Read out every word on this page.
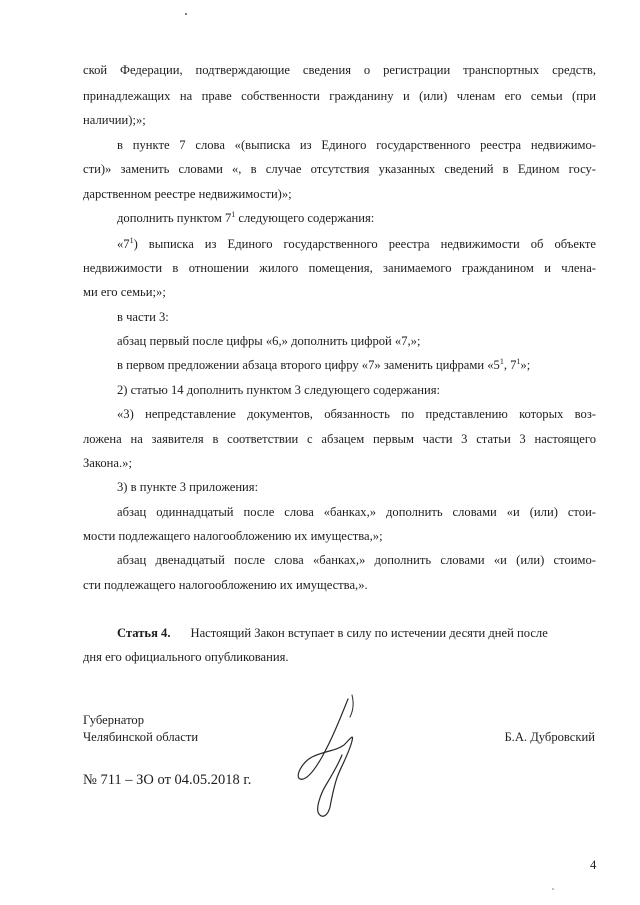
ской Федерации, подтверждающие сведения о регистрации транспортных средств,
принадлежащих на праве собственности гражданину и (или) членам его семьи (при
наличии);»;
в пункте 7 слова «(выписка из Единого государственного реестра недвижимо-
сти)» заменить словами «, в случае отсутствия указанных сведений в Едином госу-
дарственном реестре недвижимости)»;
дополнить пунктом $7^1$ следующего содержания:
«$7^1$) выписка из Единого государственного реестра недвижимости об объекте
недвижимости в отношении жилого помещения, занимаемого гражданином и члена-
ми его семьи;»;
в части 3:
абзац первый после цифры «6,» дополнить цифрой «7,»;
в первом предложении абзаца второго цифру «7» заменить цифрами «$5^1$, $7^1$»;
2) статью 14 дополнить пунктом 3 следующего содержания:
«3) непредставление документов, обязанность по представлению которых воз-
ложена на заявителя в соответствии с абзацем первым части 3 статьи 3 настоящего
Закона.»;
3) в пункте 3 приложения:
абзац одиннадцатый после слова «банках,» дополнить словами «и (или) стои-
мости подлежащего налогообложению их имущества,»;
абзац двенадцатый после слова «банках,» дополнить словами «и (или) стоимо-
сти подлежащего налогообложению их имущества,».
Статья 4. Настоящий Закон вступает в силу по истечении десяти дней после
дня его официального опубликования.
Губернатор
Челябинской области	Б.А. Дубровский
№ 711 – ЗО от 04.05.2018 г.
4
